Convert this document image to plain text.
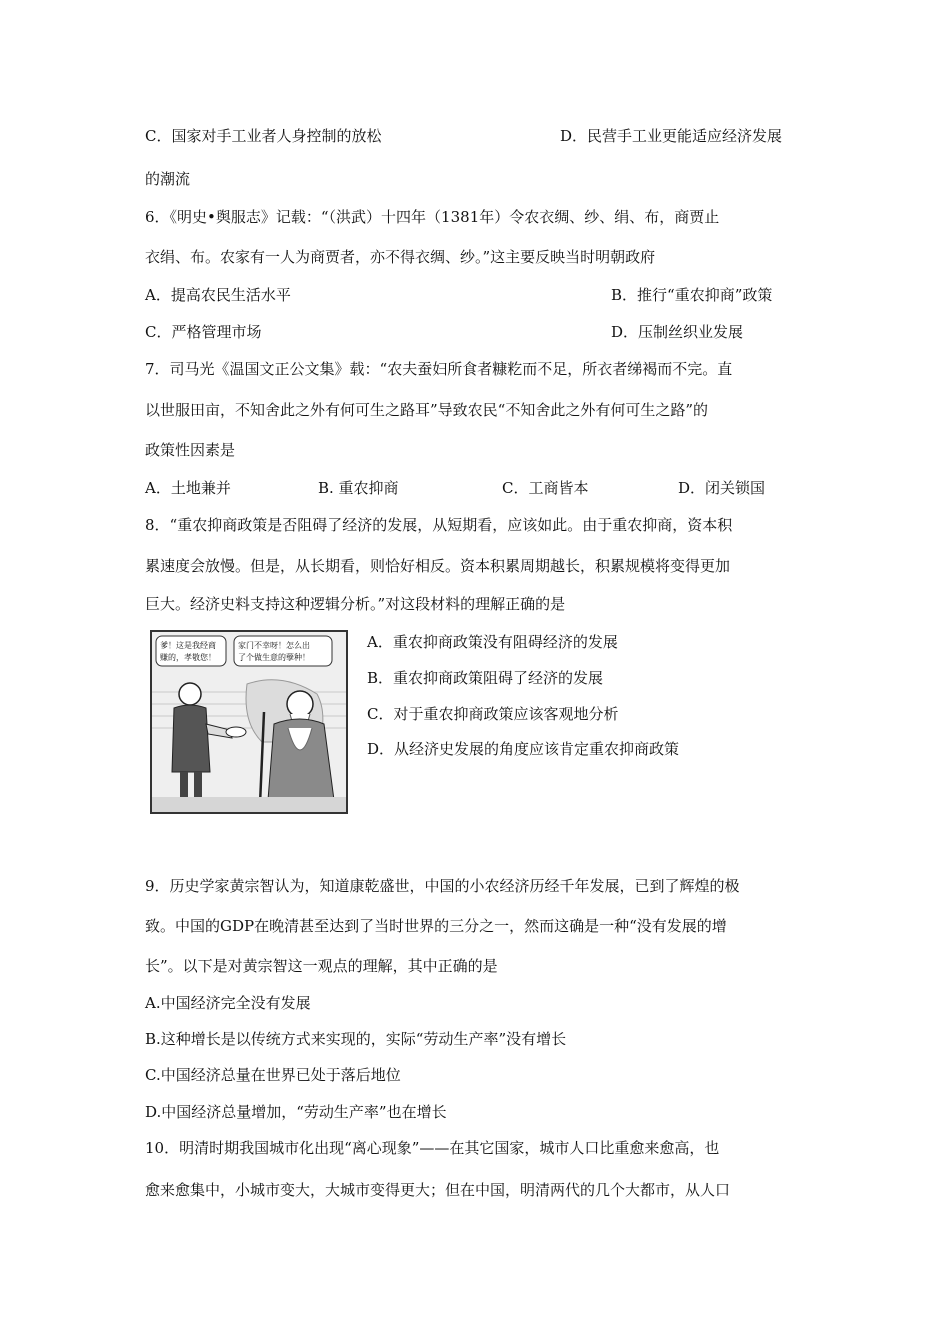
C．国家对手工业者人身控制的放松	D．民营手工业更能适应经济发展
的潮流
6．《明史•舆服志》记载：“（洪武）十四年（1381年）令农衣绸、纱、绢、布，商贾止
衣绢、布。农家有一人为商贾者，亦不得衣绸、纱。”这主要反映当时明朝政府
A．提高农民生活水平	B．推行“重农抑商”政策
C．严格管理市场	D．压制丝织业发展
7．司马光《温国文正公文集》载：“农夫蚕妇所食者糠籺而不足，所衣者绨褐而不完。直
以世服田亩，不知舍此之外有何可生之路耳”导致农民“不知舍此之外有何可生之路”的
政策性因素是
A．土地兼并	B. 重农抑商	C．工商皆本	D．闭关锁国
8．“重农抑商政策是否阻碍了经济的发展，从短期看，应该如此。由于重农抑商，资本积
累速度会放慢。但是，从长期看，则恰好相反。资本积累周期越长，积累规模将变得更加
巨大。经济史料支持这种逻辑分析。”对这段材料的理解正确的是
爹！这是我经商
赚的，孝敬您！
家门不幸呀！怎么出
了个做生意的孽种！
A．重农抑商政策没有阻碍经济的发展
B．重农抑商政策阻碍了经济的发展
C．对于重农抑商政策应该客观地分析
D．从经济史发展的角度应该肯定重农抑商政策
9．历史学家黄宗智认为，知道康乾盛世，中国的小农经济历经千年发展，已到了辉煌的极
致。中国的GDP在晚清甚至达到了当时世界的三分之一，然而这确是一种“没有发展的增
长”。以下是对黄宗智这一观点的理解，其中正确的是
A.中国经济完全没有发展
B.这种增长是以传统方式来实现的，实际“劳动生产率”没有增长
C.中国经济总量在世界已处于落后地位
D.中国经济总量增加，“劳动生产率”也在增长
10．明清时期我国城市化出现“离心现象”——在其它国家，城市人口比重愈来愈高，也
愈来愈集中，小城市变大，大城市变得更大；但在中国，明清两代的几个大都市，从人口
